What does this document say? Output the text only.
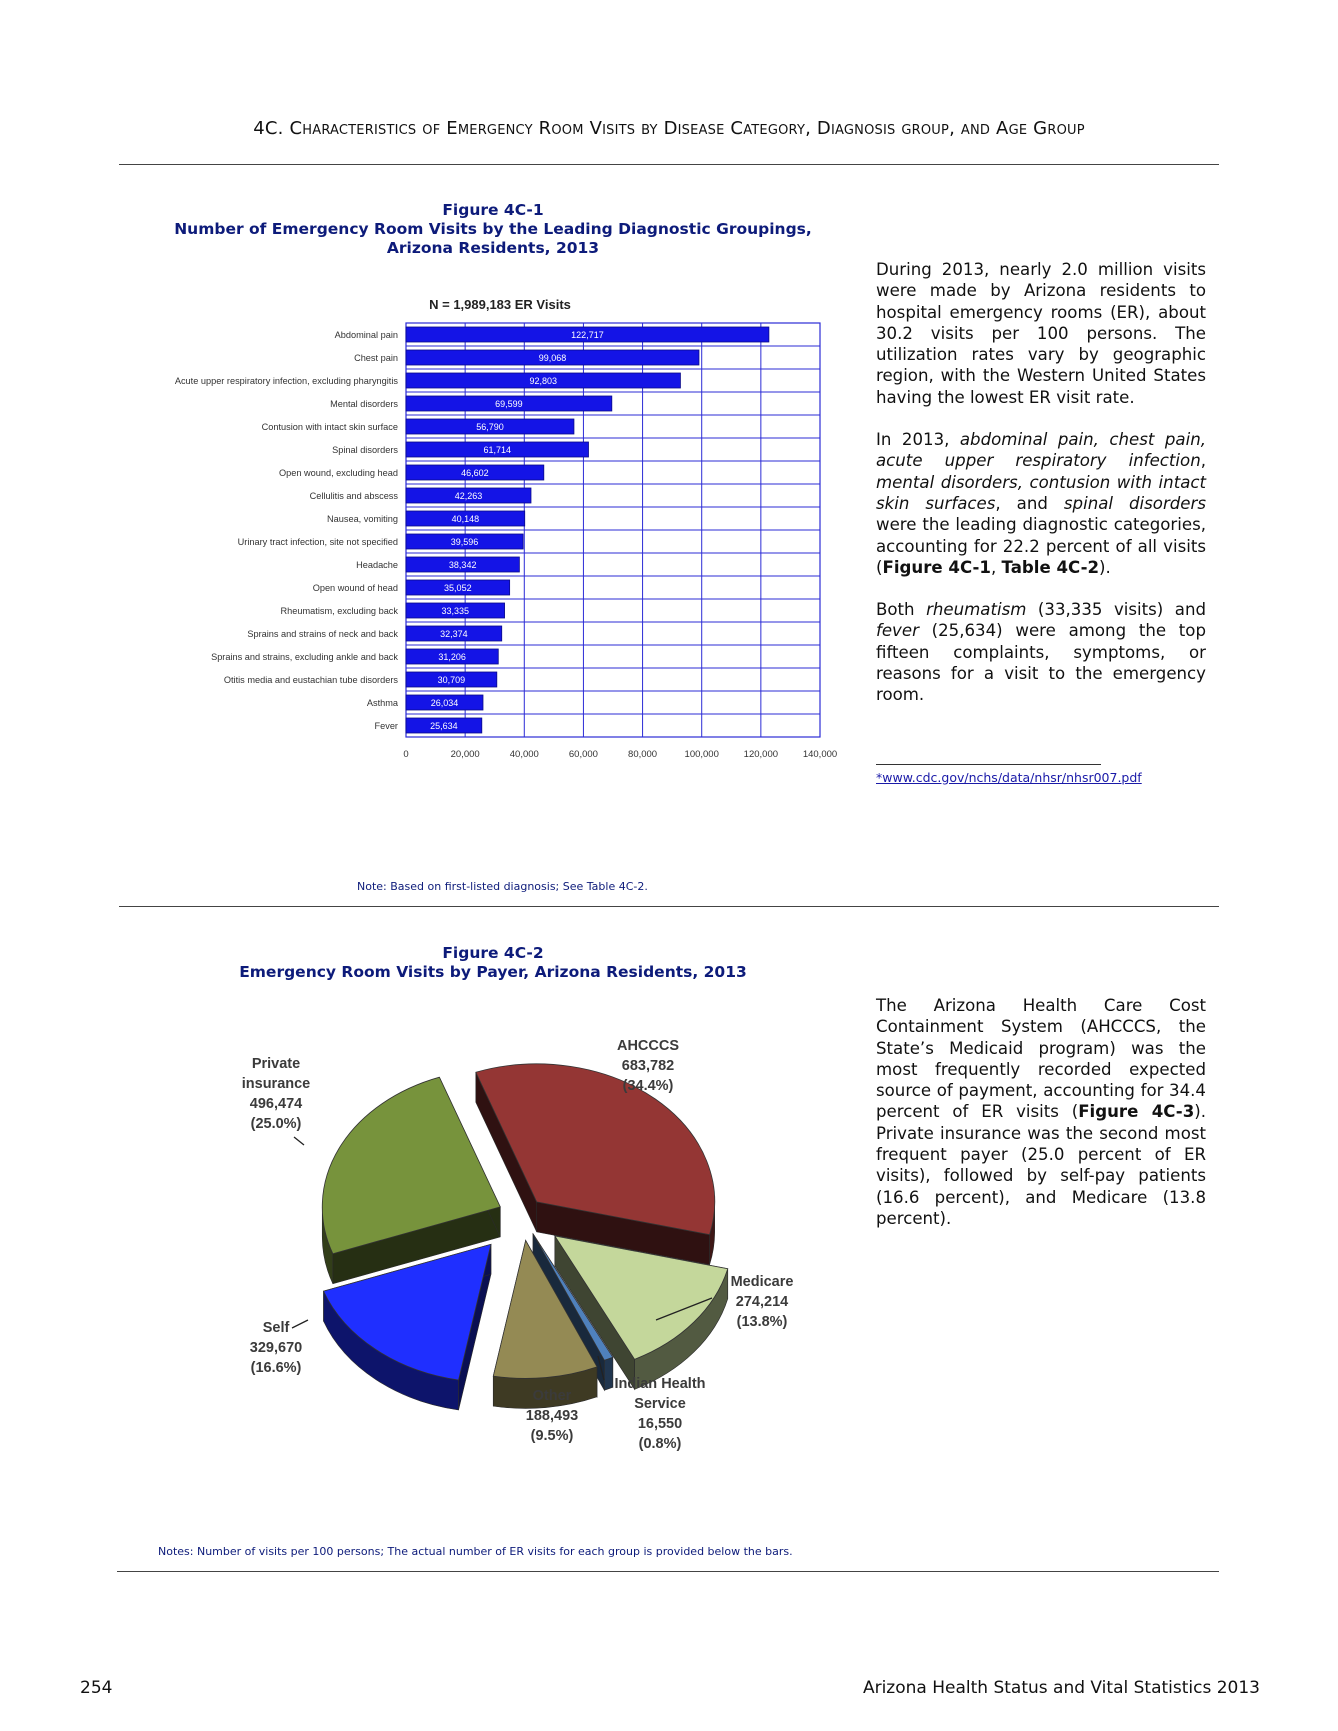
4C. Characteristics of Emergency Room Visits by Disease Category, Diagnosis group, and Age Group
Figure 4C-1
Number of Emergency Room Visits by the Leading Diagnostic Groupings,
Arizona Residents, 2013
N = 1,989,183 ER Visits
122,717
99,068
92,803
69,599
56,790
61,714
46,602
42,263
40,148
39,596
38,342
35,052
33,335
32,374
31,206
30,709
26,034
25,634
Abdominal pain
Chest pain
Acute upper respiratory infection, excluding pharyngitis
Mental disorders
Contusion with intact skin surface
Spinal disorders
Open wound, excluding head
Cellulitis and abscess
Nausea, vomiting
Urinary tract infection, site not specified
Headache
Open wound of head
Rheumatism, excluding back
Sprains and strains of neck and back
Sprains and strains, excluding ankle and back
Otitis media and eustachian tube disorders
Asthma
Fever
0	20,000	40,000	60,000	80,000	100,000	120,000	140,000

During 2013, nearly 2.0 million visits were made by Arizona residents to hospital emergency rooms (ER), about 30.2 visits per 100 persons. The utilization rates vary by geographic region, with the Western United States having the lowest ER visit rate.

In 2013, abdominal pain, chest pain, acute upper respiratory infection, mental disorders, contusion with intact skin surfaces, and spinal disorders were the leading diagnostic categories, accounting for 22.2 percent of all visits (Figure 4C-1, Table 4C-2).

Both rheumatism (33,335 visits) and fever (25,634) were among the top fifteen complaints, symptoms, or reasons for a visit to the emergency room.

*www.cdc.gov/nchs/data/nhsr/nhsr007.pdf
Note: Based on first-listed diagnosis; See Table 4C-2.
Figure 4C-2
Emergency Room Visits by Payer, Arizona Residents, 2013
AHCCCS
683,782
(34.4%)
Medicare
274,214
(13.8%)
Indian Health
Service
16,550
(0.8%)
Other
188,493
(9.5%)
Self
329,670
(16.6%)
Private
insurance
496,474
(25.0%)

The Arizona Health Care Cost Containment System (AHCCCS, the State’s Medicaid program) was the most frequently recorded expected source of payment, accounting for 34.4 percent of ER visits (Figure 4C-3). Private insurance was the second most frequent payer (25.0 percent of ER visits), followed by self-pay patients (16.6 percent), and Medicare (13.8 percent).

Notes: Number of visits per 100 persons; The actual number of ER visits for each group is provided below the bars.
254	Arizona Health Status and Vital Statistics 2013
